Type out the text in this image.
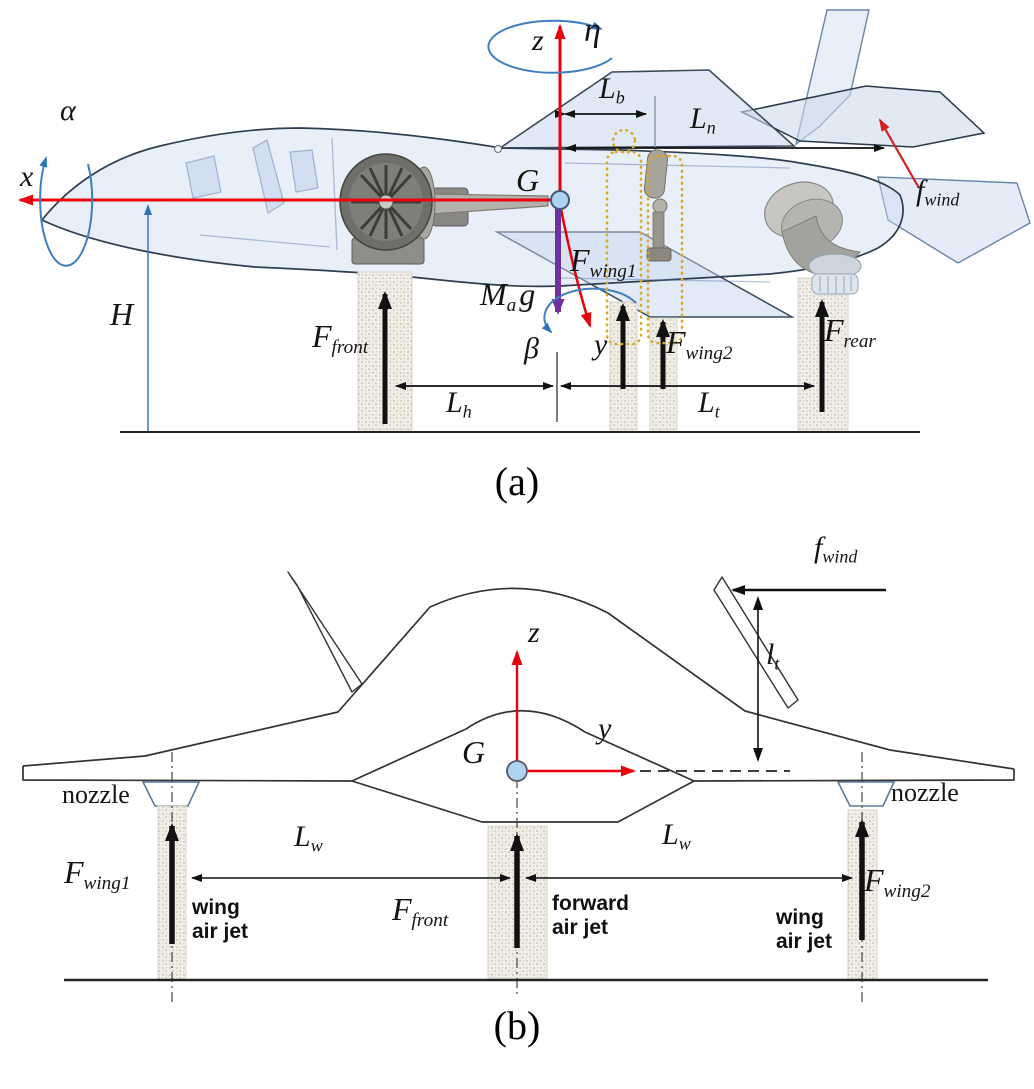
α
x
z η
$L_b$
$L_n$
G	$f_{wind}$
H
$F_{front}$
$M_ag$
β y
$F_{wing1}$
$F_{wing2}$
$F_{rear}$
$L_h$	$L_t$
(a)
$f_{wind}$
$l_t$
z
y
G
nozzle	nozzle
$F_{wing1}$	$F_{wing2}$
$F_{front}$
$L_w$	$L_w$
wing
air jet
forward
air jet	wing
air jet
(b)
